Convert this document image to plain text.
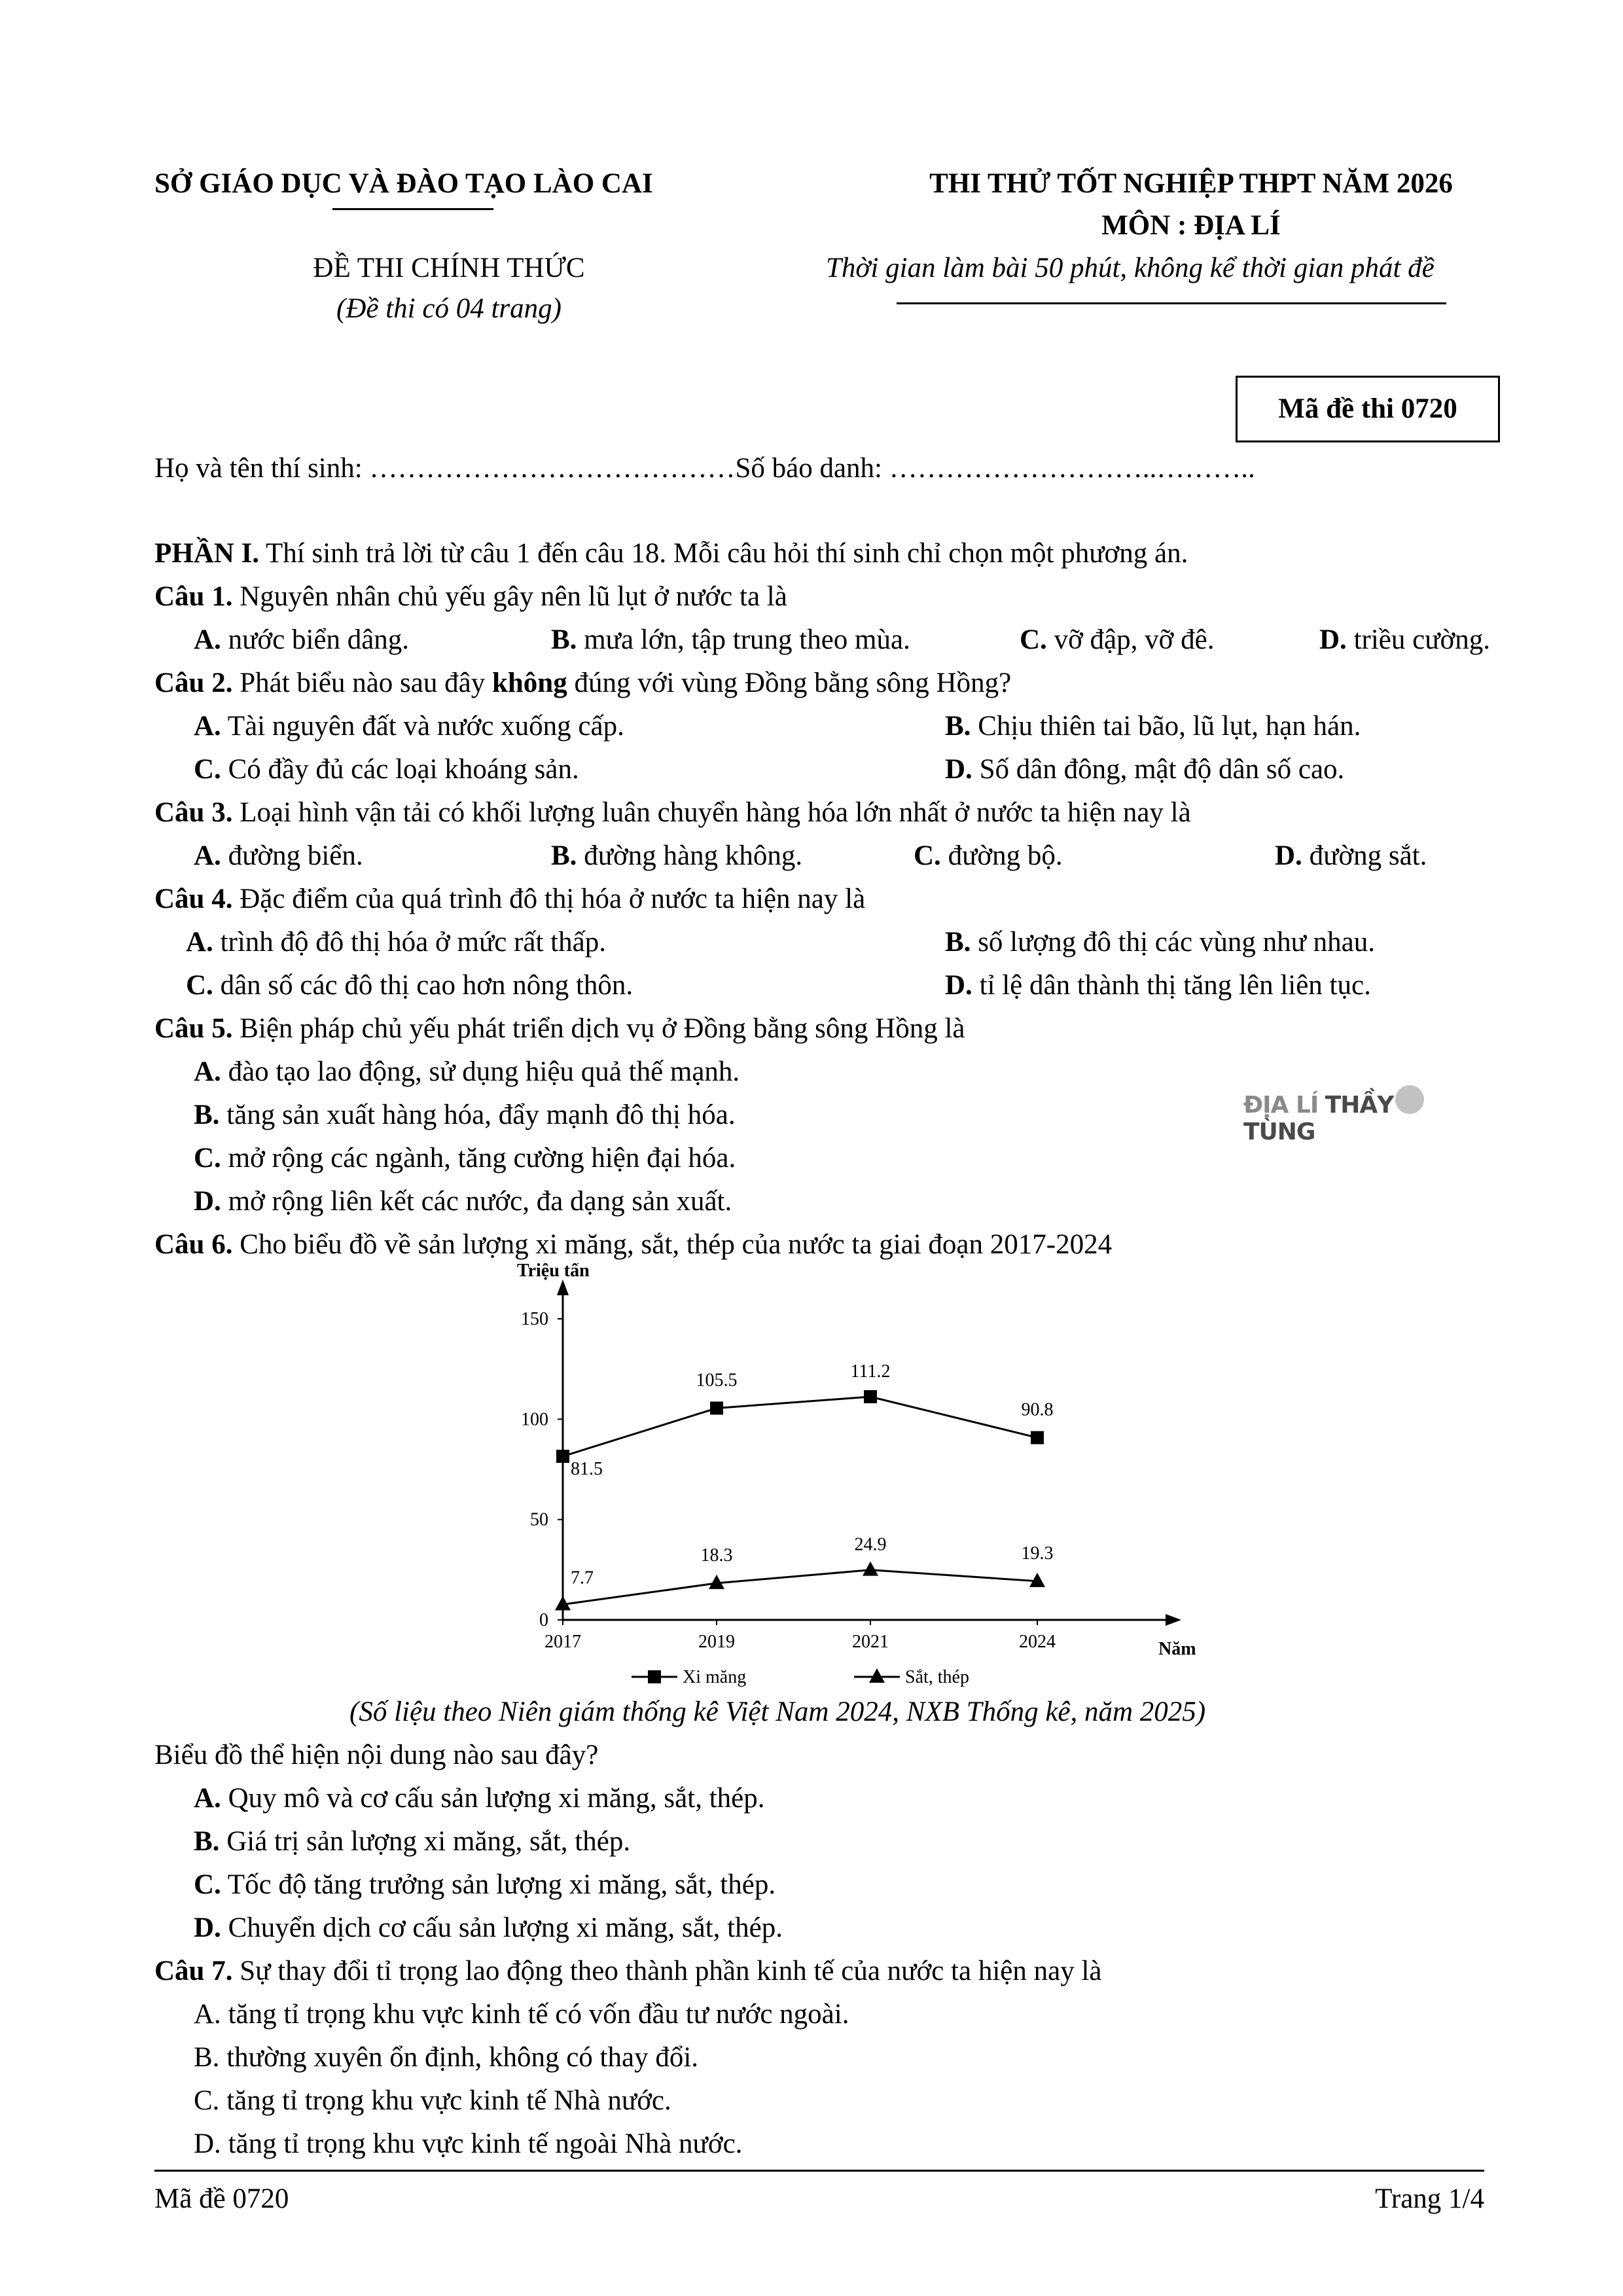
SỞ GIÁO DỤC VÀ ĐÀO TẠO LÀO CAI
ĐỀ THI CHÍNH THỨC
(Đề thi có 04 trang)
THI THỬ TỐT NGHIỆP THPT NĂM 2026
MÔN : ĐỊA LÍ
Thời gian làm bài 50 phút, không kể thời gian phát đề
Mã đề thi 0720
Họ và tên thí sinh: …………………………………Số báo danh: ………………………..………..
PHẦN I. Thí sinh trả lời từ câu 1 đến câu 18. Mỗi câu hỏi thí sinh chỉ chọn một phương án.
Câu 1. Nguyên nhân chủ yếu gây nên lũ lụt ở nước ta là
A. nước biển dâng.	B. mưa lớn, tập trung theo mùa.	C. vỡ đập, vỡ đê.	D. triều cường.
Câu 2. Phát biểu nào sau đây không đúng với vùng Đồng bằng sông Hồng?
A. Tài nguyên đất và nước xuống cấp.	B. Chịu thiên tai bão, lũ lụt, hạn hán.
C. Có đầy đủ các loại khoáng sản.	D. Số dân đông, mật độ dân số cao.
Câu 3. Loại hình vận tải có khối lượng luân chuyển hàng hóa lớn nhất ở nước ta hiện nay là
A. đường biển.	B. đường hàng không.	C. đường bộ.	D. đường sắt.
Câu 4. Đặc điểm của quá trình đô thị hóa ở nước ta hiện nay là
A. trình độ đô thị hóa ở mức rất thấp.	B. số lượng đô thị các vùng như nhau.
C. dân số các đô thị cao hơn nông thôn.	D. tỉ lệ dân thành thị tăng lên liên tục.
Câu 5. Biện pháp chủ yếu phát triển dịch vụ ở Đồng bằng sông Hồng là
A. đào tạo lao động, sử dụng hiệu quả thế mạnh.
B. tăng sản xuất hàng hóa, đẩy mạnh đô thị hóa.
C. mở rộng các ngành, tăng cường hiện đại hóa.
D. mở rộng liên kết các nước, đa dạng sản xuất.
ĐỊA LÍ THẦY TÙNG
Câu 6. Cho biểu đồ về sản lượng xi măng, sắt, thép của nước ta giai đoạn 2017-2024
Triệu tấn
Năm
0
50
100
150
2017	2019	2021	2024
81.5
105.5	111.2
90.8
7.7
18.3
24.9	19.3
Xi măng	Sắt, thép
(Số liệu theo Niên giám thống kê Việt Nam 2024, NXB Thống kê, năm 2025)
Biểu đồ thể hiện nội dung nào sau đây?
A. Quy mô và cơ cấu sản lượng xi măng, sắt, thép.
B. Giá trị sản lượng xi măng, sắt, thép.
C. Tốc độ tăng trưởng sản lượng xi măng, sắt, thép.
D. Chuyển dịch cơ cấu sản lượng xi măng, sắt, thép.
Câu 7. Sự thay đổi tỉ trọng lao động theo thành phần kinh tế của nước ta hiện nay là
A. tăng tỉ trọng khu vực kinh tế có vốn đầu tư nước ngoài.
B. thường xuyên ổn định, không có thay đổi.
C. tăng tỉ trọng khu vực kinh tế Nhà nước.
D. tăng tỉ trọng khu vực kinh tế ngoài Nhà nước.
Mã đề 0720	Trang 1/4
